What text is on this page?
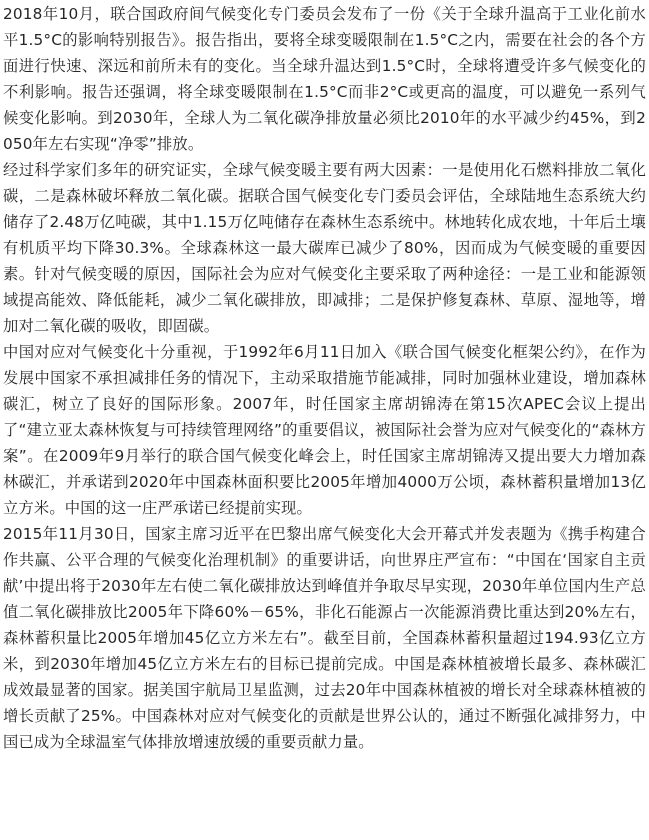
2018年10月，联合国政府间气候变化专门委员会发布了一份《关于全球升温高于工业化前水平1.5°C的影响特别报告》。报告指出，要将全球变暖限制在1.5°C之内，需要在社会的各个方面进行快速、深远和前所未有的变化。当全球升温达到1.5°C时，全球将遭受许多气候变化的不利影响。报告还强调，将全球变暖限制在1.5°C而非2°C或更高的温度，可以避免一系列气候变化影响。到2030年，全球人为二氧化碳净排放量必须比2010年的水平减少约45%，到2050年左右实现“净零”排放。

经过科学家们多年的研究证实，全球气候变暖主要有两大因素：一是使用化石燃料排放二氧化碳，二是森林破坏释放二氧化碳。据联合国气候变化专门委员会评估，全球陆地生态系统大约储存了2.48万亿吨碳，其中1.15万亿吨储存在森林生态系统中。林地转化成农地，十年后土壤有机质平均下降30.3%。全球森林这一最大碳库已减少了80%，因而成为气候变暖的重要因素。针对气候变暖的原因，国际社会为应对气候变化主要采取了两种途径：一是工业和能源领域提高能效、降低能耗，减少二氧化碳排放，即减排；二是保护修复森林、草原、湿地等，增加对二氧化碳的吸收，即固碳。

中国对应对气候变化十分重视，于1992年6月11日加入《联合国气候变化框架公约》，在作为发展中国家不承担减排任务的情况下，主动采取措施节能减排，同时加强林业建设，增加森林碳汇，树立了良好的国际形象。2007年，时任国家主席胡锦涛在第15次APEC会议上提出了“建立亚太森林恢复与可持续管理网络”的重要倡议，被国际社会誉为应对气候变化的“森林方案”。在2009年9月举行的联合国气候变化峰会上，时任国家主席胡锦涛又提出要大力增加森林碳汇，并承诺到2020年中国森林面积要比2005年增加4000万公顷，森林蓄积量增加13亿立方米。中国的这一庄严承诺已经提前实现。

2015年11月30日，国家主席习近平在巴黎出席气候变化大会开幕式并发表题为《携手构建合作共赢、公平合理的气候变化治理机制》的重要讲话，向世界庄严宣布：“中国在‘国家自主贡献’中提出将于2030年左右使二氧化碳排放达到峰值并争取尽早实现，2030年单位国内生产总值二氧化碳排放比2005年下降60%－65%，非化石能源占一次能源消费比重达到20%左右，森林蓄积量比2005年增加45亿立方米左右”。截至目前，全国森林蓄积量超过194.93亿立方米，到2030年增加45亿立方米左右的目标已提前完成。中国是森林植被增长最多、森林碳汇成效最显著的国家。据美国宇航局卫星监测，过去20年中国森林植被的增长对全球森林植被的增长贡献了25%。中国森林对应对气候变化的贡献是世界公认的，通过不断强化减排努力，中国已成为全球温室气体排放增速放缓的重要贡献力量。
